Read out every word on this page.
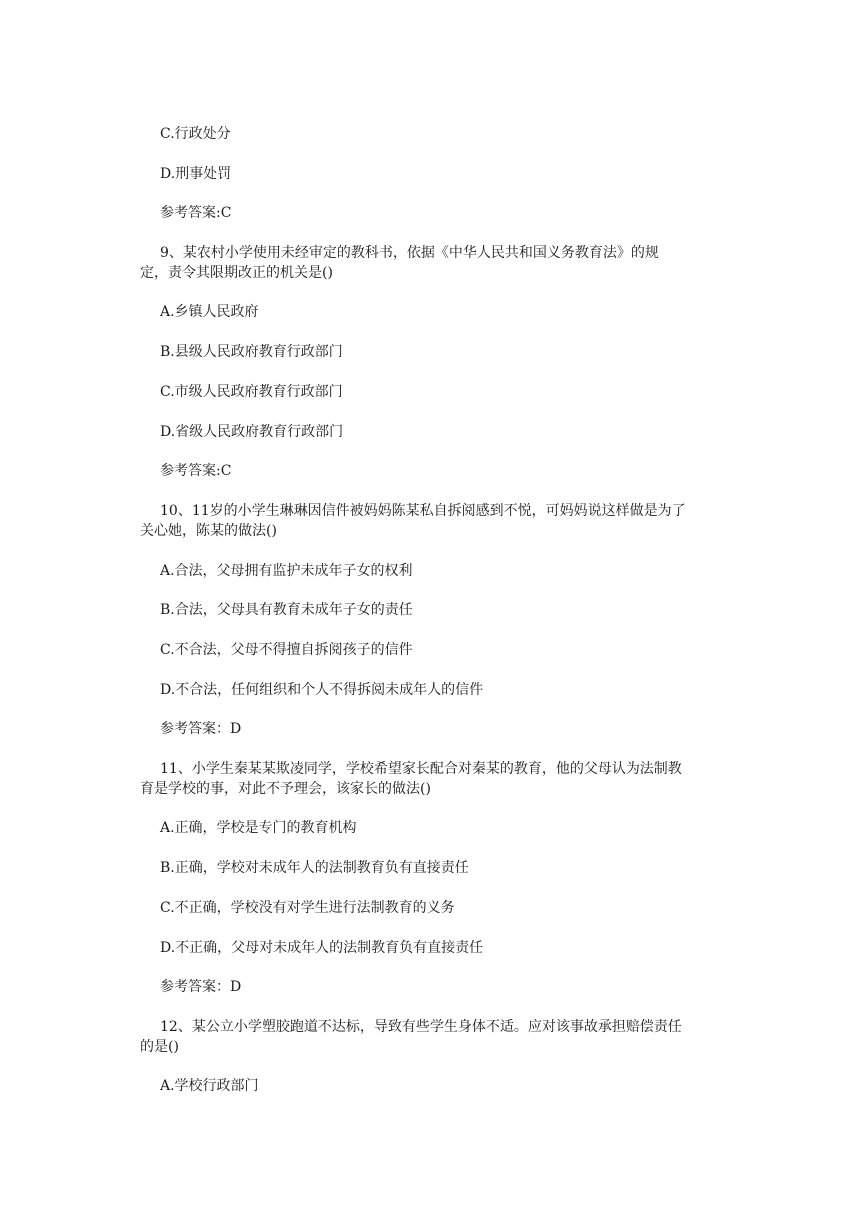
C.行政处分
D.刑事处罚
参考答案:C
9、某农村小学使用未经审定的教科书，依据《中华人民共和国义务教育法》的规
定，责令其限期改正的机关是()
A.乡镇人民政府
B.县级人民政府教育行政部门
C.市级人民政府教育行政部门
D.省级人民政府教育行政部门
参考答案:C
10、11岁的小学生琳琳因信件被妈妈陈某私自拆阅感到不悦，可妈妈说这样做是为了
关心她，陈某的做法()
A.合法，父母拥有监护未成年子女的权利
B.合法，父母具有教育未成年子女的责任
C.不合法，父母不得擅自拆阅孩子的信件
D.不合法，任何组织和个人不得拆阅未成年人的信件
参考答案：D
11、小学生秦某某欺凌同学，学校希望家长配合对秦某的教育，他的父母认为法制教
育是学校的事，对此不予理会，该家长的做法()
A.正确，学校是专门的教育机构
B.正确，学校对未成年人的法制教育负有直接责任
C.不正确，学校没有对学生进行法制教育的义务
D.不正确，父母对未成年人的法制教育负有直接责任
参考答案：D
12、某公立小学塑胶跑道不达标，导致有些学生身体不适。应对该事故承担赔偿责任
的是()
A.学校行政部门
